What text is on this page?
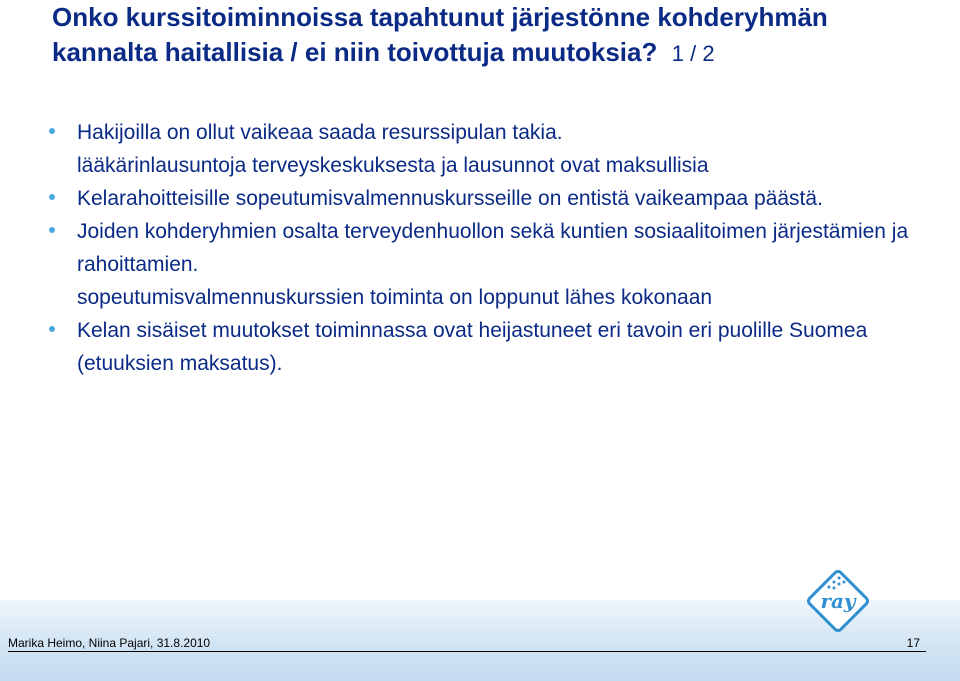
Onko kurssitoiminnoissa tapahtunut järjestönne kohderyhmän kannalta haitallisia / ei niin toivottuja muutoksia? 1 / 2

Hakijoilla on ollut vaikeaa saada resurssipulan takia.

lääkärinlausuntoja terveyskeskuksesta ja lausunnot ovat maksullisia

Kelarahoitteisille sopeutumisvalmennuskursseille on entistä vaikeampaa päästä.

Joiden kohderyhmien osalta terveydenhuollon sekä kuntien sosiaalitoimen järjestämien ja rahoittamien.

sopeutumisvalmennuskurssien toiminta on loppunut lähes kokonaan

Kelan sisäiset muutokset toiminnassa ovat heijastuneet eri tavoin eri puolille Suomea (etuuksien maksatus).

ray
Marika Heimo, Niina Pajari, 31.8.2010	17
